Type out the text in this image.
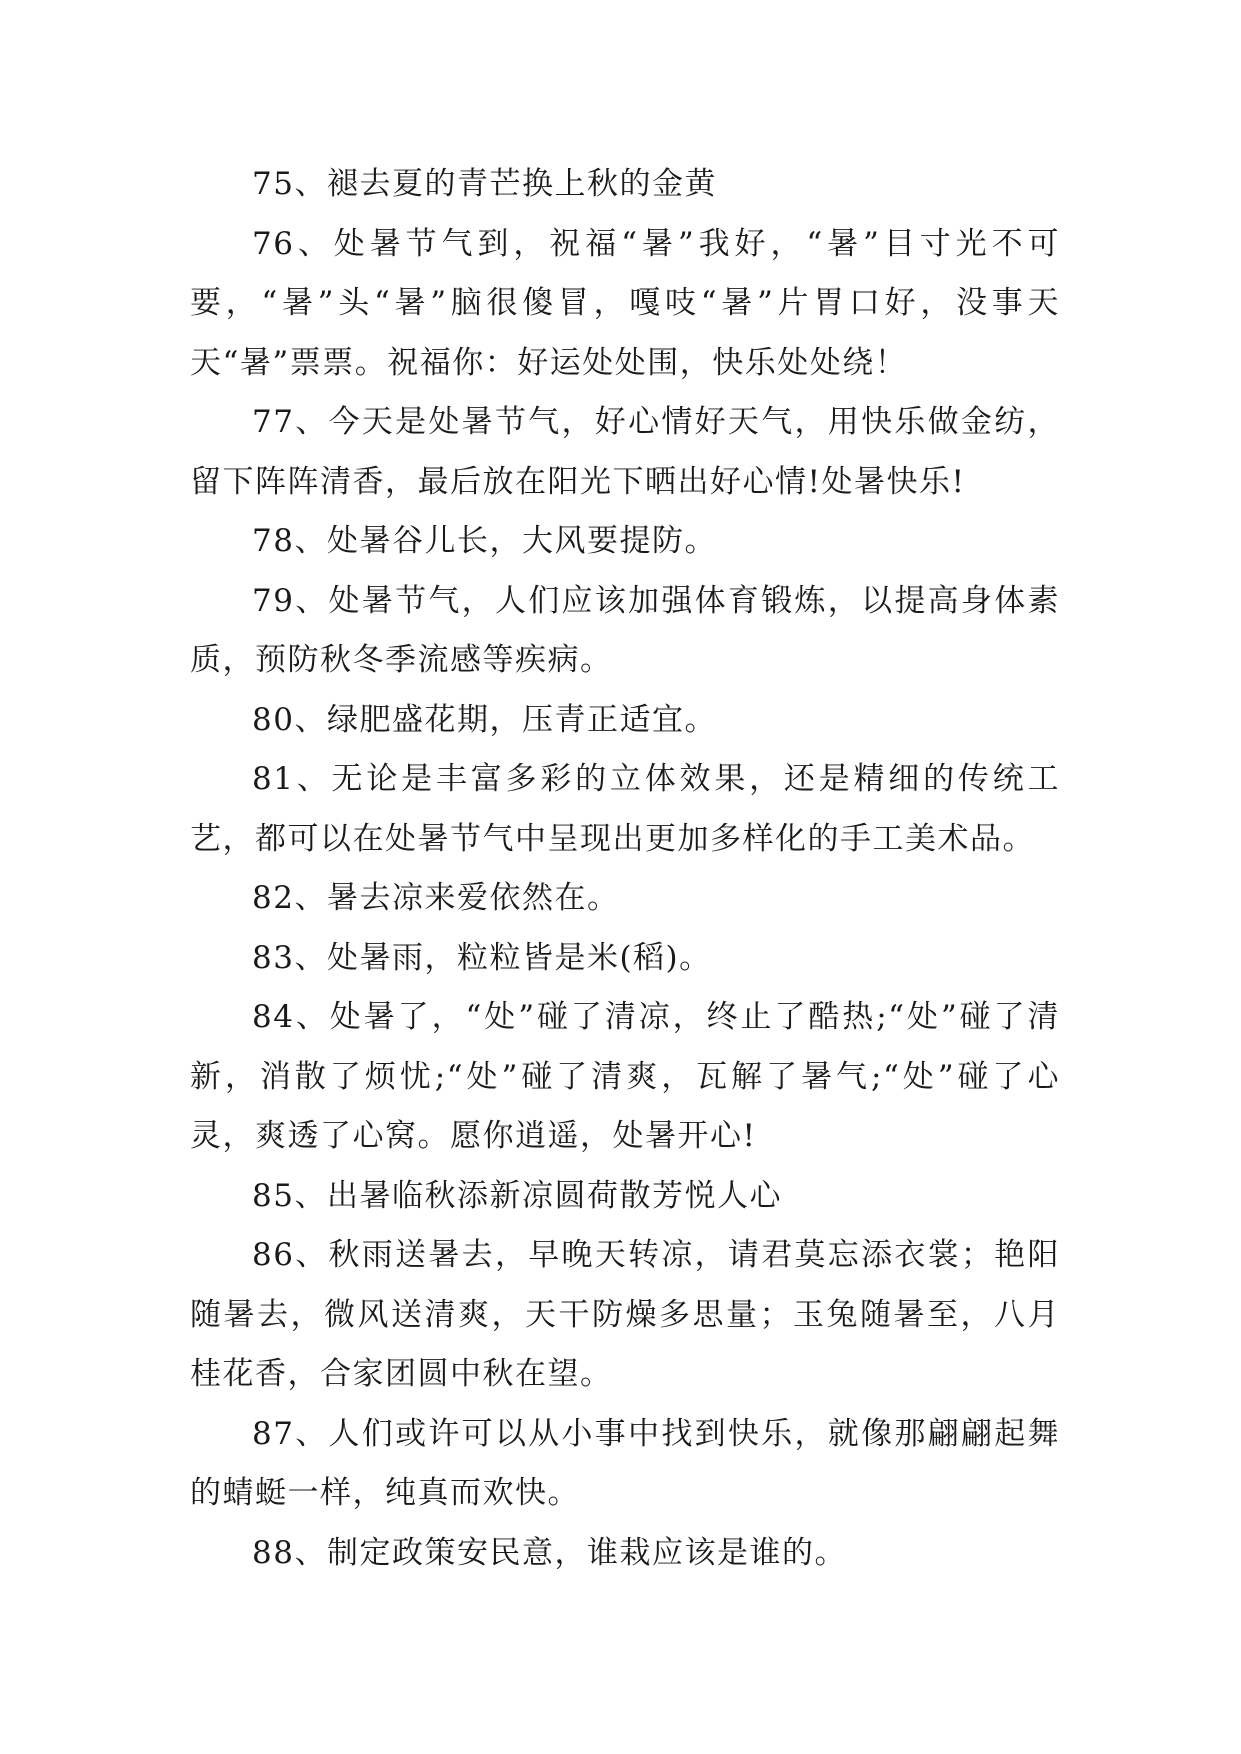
75、褪去夏的青芒换上秋的金黄

76、处暑节气到，祝福“暑”我好，“暑”目寸光不可要，“暑”头“暑”脑很傻冒，嘎吱“暑”片胃口好，没事天天“暑”票票。祝福你：好运处处围，快乐处处绕！

77、今天是处暑节气，好心情好天气，用快乐做金纺，留下阵阵清香，最后放在阳光下晒出好心情!处暑快乐!

78、处暑谷儿长，大风要提防。

79、处暑节气，人们应该加强体育锻炼，以提高身体素质，预防秋冬季流感等疾病。

80、绿肥盛花期，压青正适宜。

81、无论是丰富多彩的立体效果，还是精细的传统工艺，都可以在处暑节气中呈现出更加多样化的手工美术品。

82、暑去凉来爱依然在。

83、处暑雨，粒粒皆是米(稻)。

84、处暑了，“处”碰了清凉，终止了酷热;“处”碰了清新，消散了烦忧;“处”碰了清爽，瓦解了暑气;“处”碰了心灵，爽透了心窝。愿你逍遥，处暑开心!

85、出暑临秋添新凉圆荷散芳悦人心

86、秋雨送暑去，早晚天转凉，请君莫忘添衣裳；艳阳随暑去，微风送清爽，天干防燥多思量；玉兔随暑至，八月桂花香，合家团圆中秋在望。

87、人们或许可以从小事中找到快乐，就像那翩翩起舞的蜻蜓一样，纯真而欢快。

88、制定政策安民意，谁栽应该是谁的。
